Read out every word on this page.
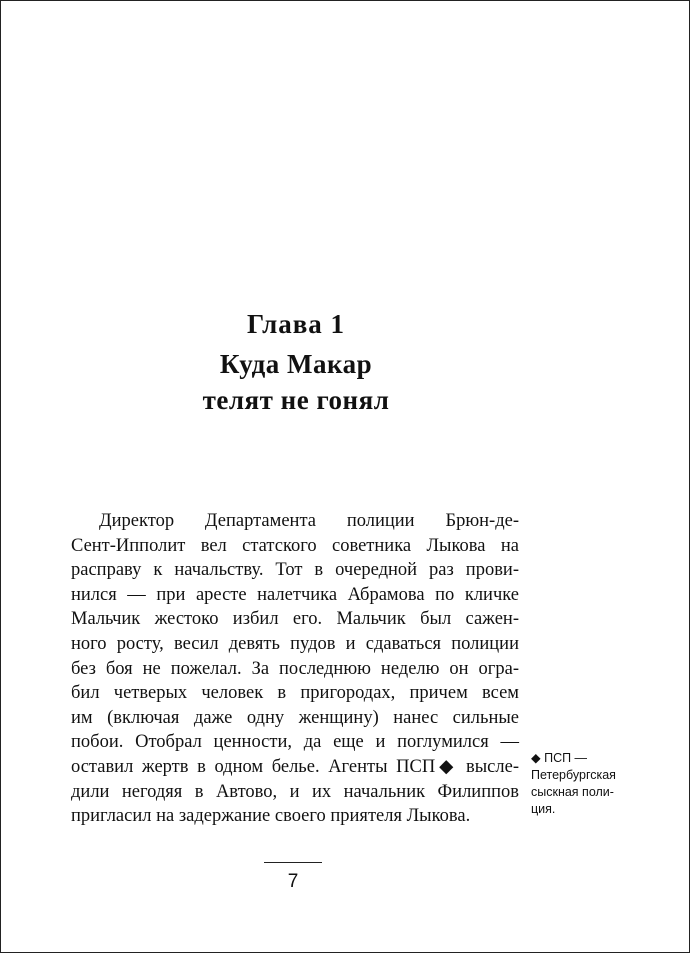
Глава 1
Куда Макар
телят не гонял
Директор Департамента полиции Брюн-де-
Сент-Ипполит вел статского советника Лыкова на
расправу к начальству. Тот в очередной раз прови-
нился — при аресте налетчика Абрамова по кличке
Мальчик жестоко избил его. Мальчик был сажен-
ного росту, весил девять пудов и сдаваться полиции
без боя не пожелал. За последнюю неделю он огра-
бил четверых человек в пригородах, причем всем
им (включая даже одну женщину) нанес сильные
побои. Отобрал ценности, да еще и поглумился —
оставил жертв в одном белье. Агенты ПСП◆ высле-
дили негодяя в Автово, и их начальник Филиппов
пригласил на задержание своего приятеля Лыкова.
◆ ПСП —
Петербургская
сыскная поли-
ция.
7
